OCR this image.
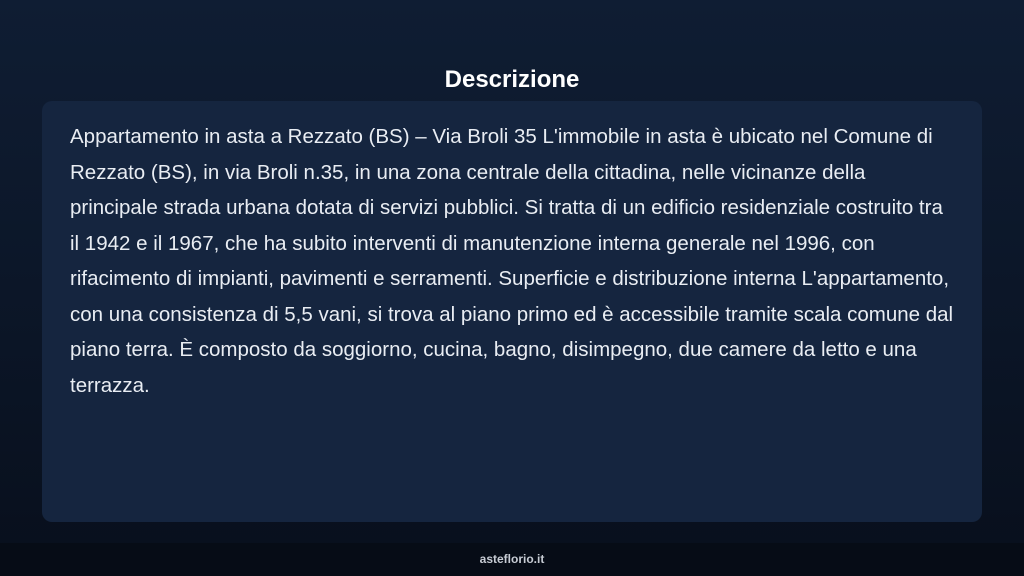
Descrizione

Appartamento in asta a Rezzato (BS) – Via Broli 35 L'immobile in asta è ubicato nel Comune di Rezzato (BS), in via Broli n.35, in una zona centrale della cittadina, nelle vicinanze della principale strada urbana dotata di servizi pubblici. Si tratta di un edificio residenziale costruito tra il 1942 e il 1967, che ha subito interventi di manutenzione interna generale nel 1996, con rifacimento di impianti, pavimenti e serramenti. Superficie e distribuzione interna L'appartamento, con una consistenza di 5,5 vani, si trova al piano primo ed è accessibile tramite scala comune dal piano terra. È composto da soggiorno, cucina, bagno, disimpegno, due camere da letto e una terrazza.

asteflorio.it
